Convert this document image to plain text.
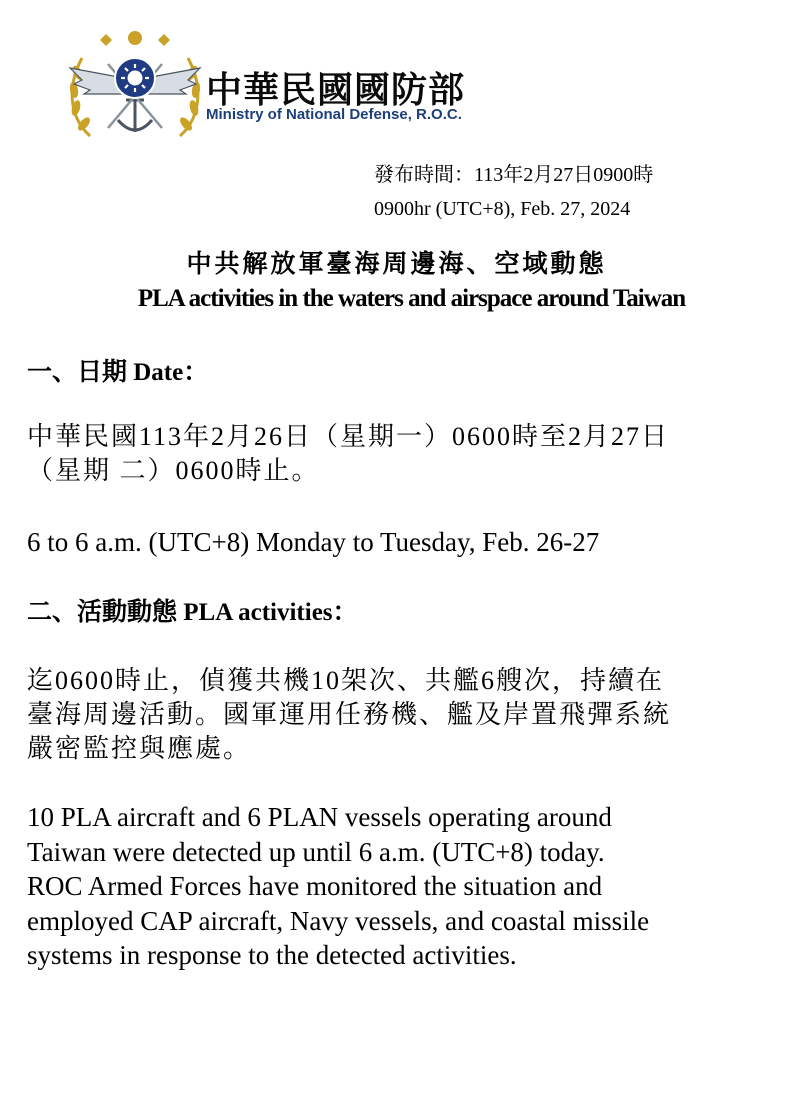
中華民國國防部
Ministry of National Defense, R.O.C.
發布時間：113年2月27日0900時
0900hr (UTC+8), Feb. 27, 2024
中共解放軍臺海周邊海、空域動態
PLA activities in the waters and airspace around Taiwan
一、日期 Date：
中華民國113年2月26日（星期一）0600時至2月27日
（星期 二）0600時止。
6 to 6 a.m. (UTC+8) Monday to Tuesday, Feb. 26-27
二、活動動態 PLA activities：
迄0600時止，偵獲共機10架次、共艦6艘次，持續在
臺海周邊活動。國軍運用任務機、艦及岸置飛彈系統
嚴密監控與應處。
10 PLA aircraft and 6 PLAN vessels operating around
Taiwan were detected up until 6 a.m. (UTC+8) today.
ROC Armed Forces have monitored the situation and
employed CAP aircraft, Navy vessels, and coastal missile
systems in response to the detected activities.
